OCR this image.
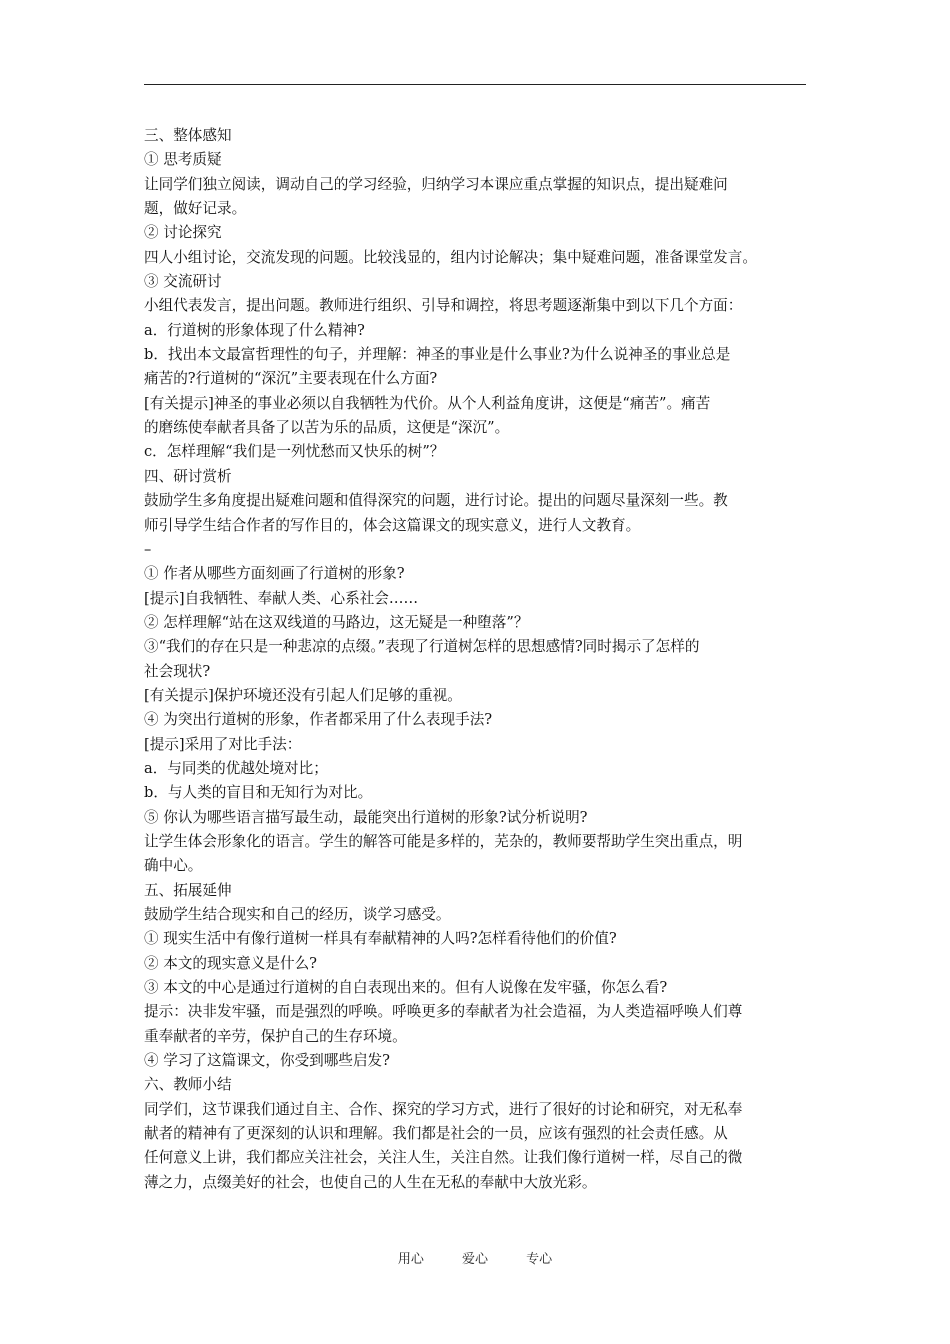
三、整体感知
① 思考质疑
让同学们独立阅读，调动自己的学习经验，归纳学习本课应重点掌握的知识点，提出疑难问
题，做好记录。
② 讨论探究
四人小组讨论，交流发现的问题。比较浅显的，组内讨论解决；集中疑难问题，准备课堂发言。
③ 交流研讨
小组代表发言，提出问题。教师进行组织、引导和调控，将思考题逐渐集中到以下几个方面：
a．行道树的形象体现了什么精神?
b．找出本文最富哲理性的句子，并理解：神圣的事业是什么事业?为什么说神圣的事业总是
痛苦的?行道树的“深沉”主要表现在什么方面?
[有关提示]神圣的事业必须以自我牺牲为代价。从个人利益角度讲，这便是“痛苦”。痛苦
的磨练使奉献者具备了以苦为乐的品质，这便是“深沉”。
c．怎样理解“我们是一列忧愁而又快乐的树”？
四、研讨赏析
鼓励学生多角度提出疑难问题和值得深究的问题，进行讨论。提出的问题尽量深刻一些。教
师引导学生结合作者的写作目的，体会这篇课文的现实意义，进行人文教育。
–
① 作者从哪些方面刻画了行道树的形象?
[提示]自我牺牲、奉献人类、心系社会……
② 怎样理解“站在这双线道的马路边，这无疑是一种堕落”？
③“我们的存在只是一种悲凉的点缀。”表现了行道树怎样的思想感情?同时揭示了怎样的
社会现状?
[有关提示]保护环境还没有引起人们足够的重视。
④ 为突出行道树的形象，作者都采用了什么表现手法?
[提示]采用了对比手法：
a．与同类的优越处境对比；
b．与人类的盲目和无知行为对比。
⑤ 你认为哪些语言描写最生动，最能突出行道树的形象?试分析说明?
让学生体会形象化的语言。学生的解答可能是多样的，芜杂的，教师要帮助学生突出重点，明
确中心。
五、拓展延伸
鼓励学生结合现实和自己的经历，谈学习感受。
① 现实生活中有像行道树一样具有奉献精神的人吗?怎样看待他们的价值?
② 本文的现实意义是什么?
③ 本文的中心是通过行道树的自白表现出来的。但有人说像在发牢骚，你怎么看?
提示：决非发牢骚，而是强烈的呼唤。呼唤更多的奉献者为社会造福，为人类造福呼唤人们尊
重奉献者的辛劳，保护自己的生存环境。
④ 学习了这篇课文，你受到哪些启发?
六、教师小结
同学们，这节课我们通过自主、合作、探究的学习方式，进行了很好的讨论和研究，对无私奉
献者的精神有了更深刻的认识和理解。我们都是社会的一员，应该有强烈的社会责任感。从
任何意义上讲，我们都应关注社会，关注人生，关注自然。让我们像行道树一样，尽自己的微
薄之力，点缀美好的社会，也使自己的人生在无私的奉献中大放光彩。
用心	爱心	专心
